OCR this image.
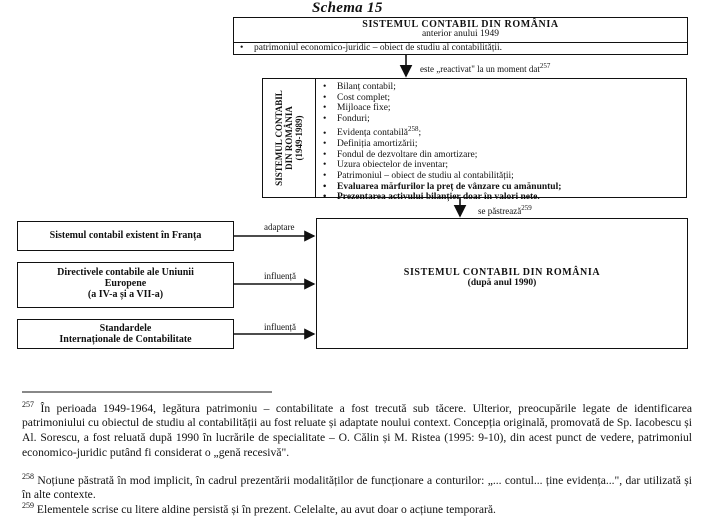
Schema 15
SISTEMUL CONTABIL DIN ROMÂNIA
anterior anului 1949
• patrimoniul economico-juridic – obiect de studiu al contabilității.
este „reactivat" la un moment dat$^{257}$
SISTEMUL CONTABIL DIN ROMÂNIA (1949-1989)
• Bilanț contabil;
• Cost complet;
• Mijloace fixe;
• Fonduri;
• Evidența contabilă$^{258}$;
• Definiția amortizării;
• Fondul de dezvoltare din amortizare;
• Uzura obiectelor de inventar;
• Patrimoniul – obiect de studiu al contabilității;
• Evaluarea mărfurilor la preț de vânzare cu amănuntul;
• Prezentarea activului bilanțier doar în valori nete.
se păstrează$^{259}$
Sistemul contabil existent în Franța
Directivele contabile ale Uniunii
Europene
(a IV-a și a VII-a)
Standardele
Internaționale de Contabilitate
adaptare
influență
influență
SISTEMUL CONTABIL DIN ROMÂNIA
(după anul 1990)
$^{257}$ În perioada 1949-1964, legătura patrimoniu – contabilitate a fost trecută sub tăcere. Ulterior, preocupările legate de identificarea patrimoniului cu obiectul de studiu al contabilității au fost reluate și adaptate noului context. Concepția originală, promovată de Sp. Iacobescu și Al. Sorescu, a fost reluată după 1990 în lucrările de specialitate – O. Călin și M. Ristea (1995: 9-10), din acest punct de vedere, patrimoniul economico-juridic putând fi considerat o „genă recesivă".
$^{258}$ Noțiune păstrată în mod implicit, în cadrul prezentării modalităților de funcționare a conturilor: „... contul... ține evidența...", dar utilizată și în alte contexte.
$^{259}$ Elementele scrise cu litere aldine persistă și în prezent. Celelalte, au avut doar o acțiune temporară.
